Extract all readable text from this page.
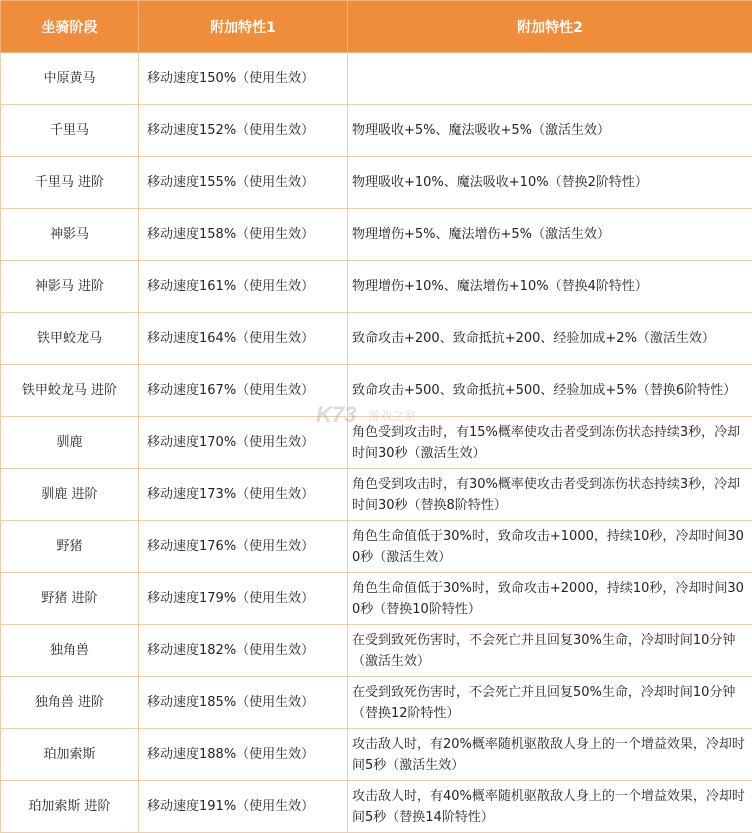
坐骑阶段	附加特性1	附加特性2
中原黄马	移动速度150%（使用生效）	
千里马	移动速度152%（使用生效）	物理吸收+5%、魔法吸收+5%（激活生效）
千里马 进阶	移动速度155%（使用生效）	物理吸收+10%、魔法吸收+10%（替换2阶特性）
神影马	移动速度158%（使用生效）	物理增伤+5%、魔法增伤+5%（激活生效）
神影马 进阶	移动速度161%（使用生效）	物理增伤+10%、魔法增伤+10%（替换4阶特性）
铁甲蛟龙马	移动速度164%（使用生效）	致命攻击+200、致命抵抗+200、经验加成+2%（激活生效）
铁甲蛟龙马 进阶	移动速度167%（使用生效）	致命攻击+500、致命抵抗+500、经验加成+5%（替换6阶特性）
驯鹿	移动速度170%（使用生效）	角色受到攻击时，有15%概率使攻击者受到冻伤状态持续3秒，冷却时间30秒（激活生效）
驯鹿 进阶	移动速度173%（使用生效）	角色受到攻击时，有30%概率使攻击者受到冻伤状态持续3秒，冷却时间30秒（替换8阶特性）
野猪	移动速度176%（使用生效）	角色生命值低于30%时，致命攻击+1000，持续10秒，冷却时间300秒（激活生效）
野猪 进阶	移动速度179%（使用生效）	角色生命值低于30%时，致命攻击+2000，持续10秒，冷却时间300秒（替换10阶特性）
独角兽	移动速度182%（使用生效）	在受到致死伤害时，不会死亡并且回复30%生命，冷却时间10分钟（激活生效）
独角兽 进阶	移动速度185%（使用生效）	在受到致死伤害时，不会死亡并且回复50%生命，冷却时间10分钟（替换12阶特性）
珀加索斯	移动速度188%（使用生效）	攻击敌人时，有20%概率随机驱散敌人身上的一个增益效果，冷却时间5秒（激活生效）
珀加索斯 进阶	移动速度191%（使用生效）	攻击敌人时，有40%概率随机驱散敌人身上的一个增益效果，冷却时间5秒（替换14阶特性）
K73 游戏之家
